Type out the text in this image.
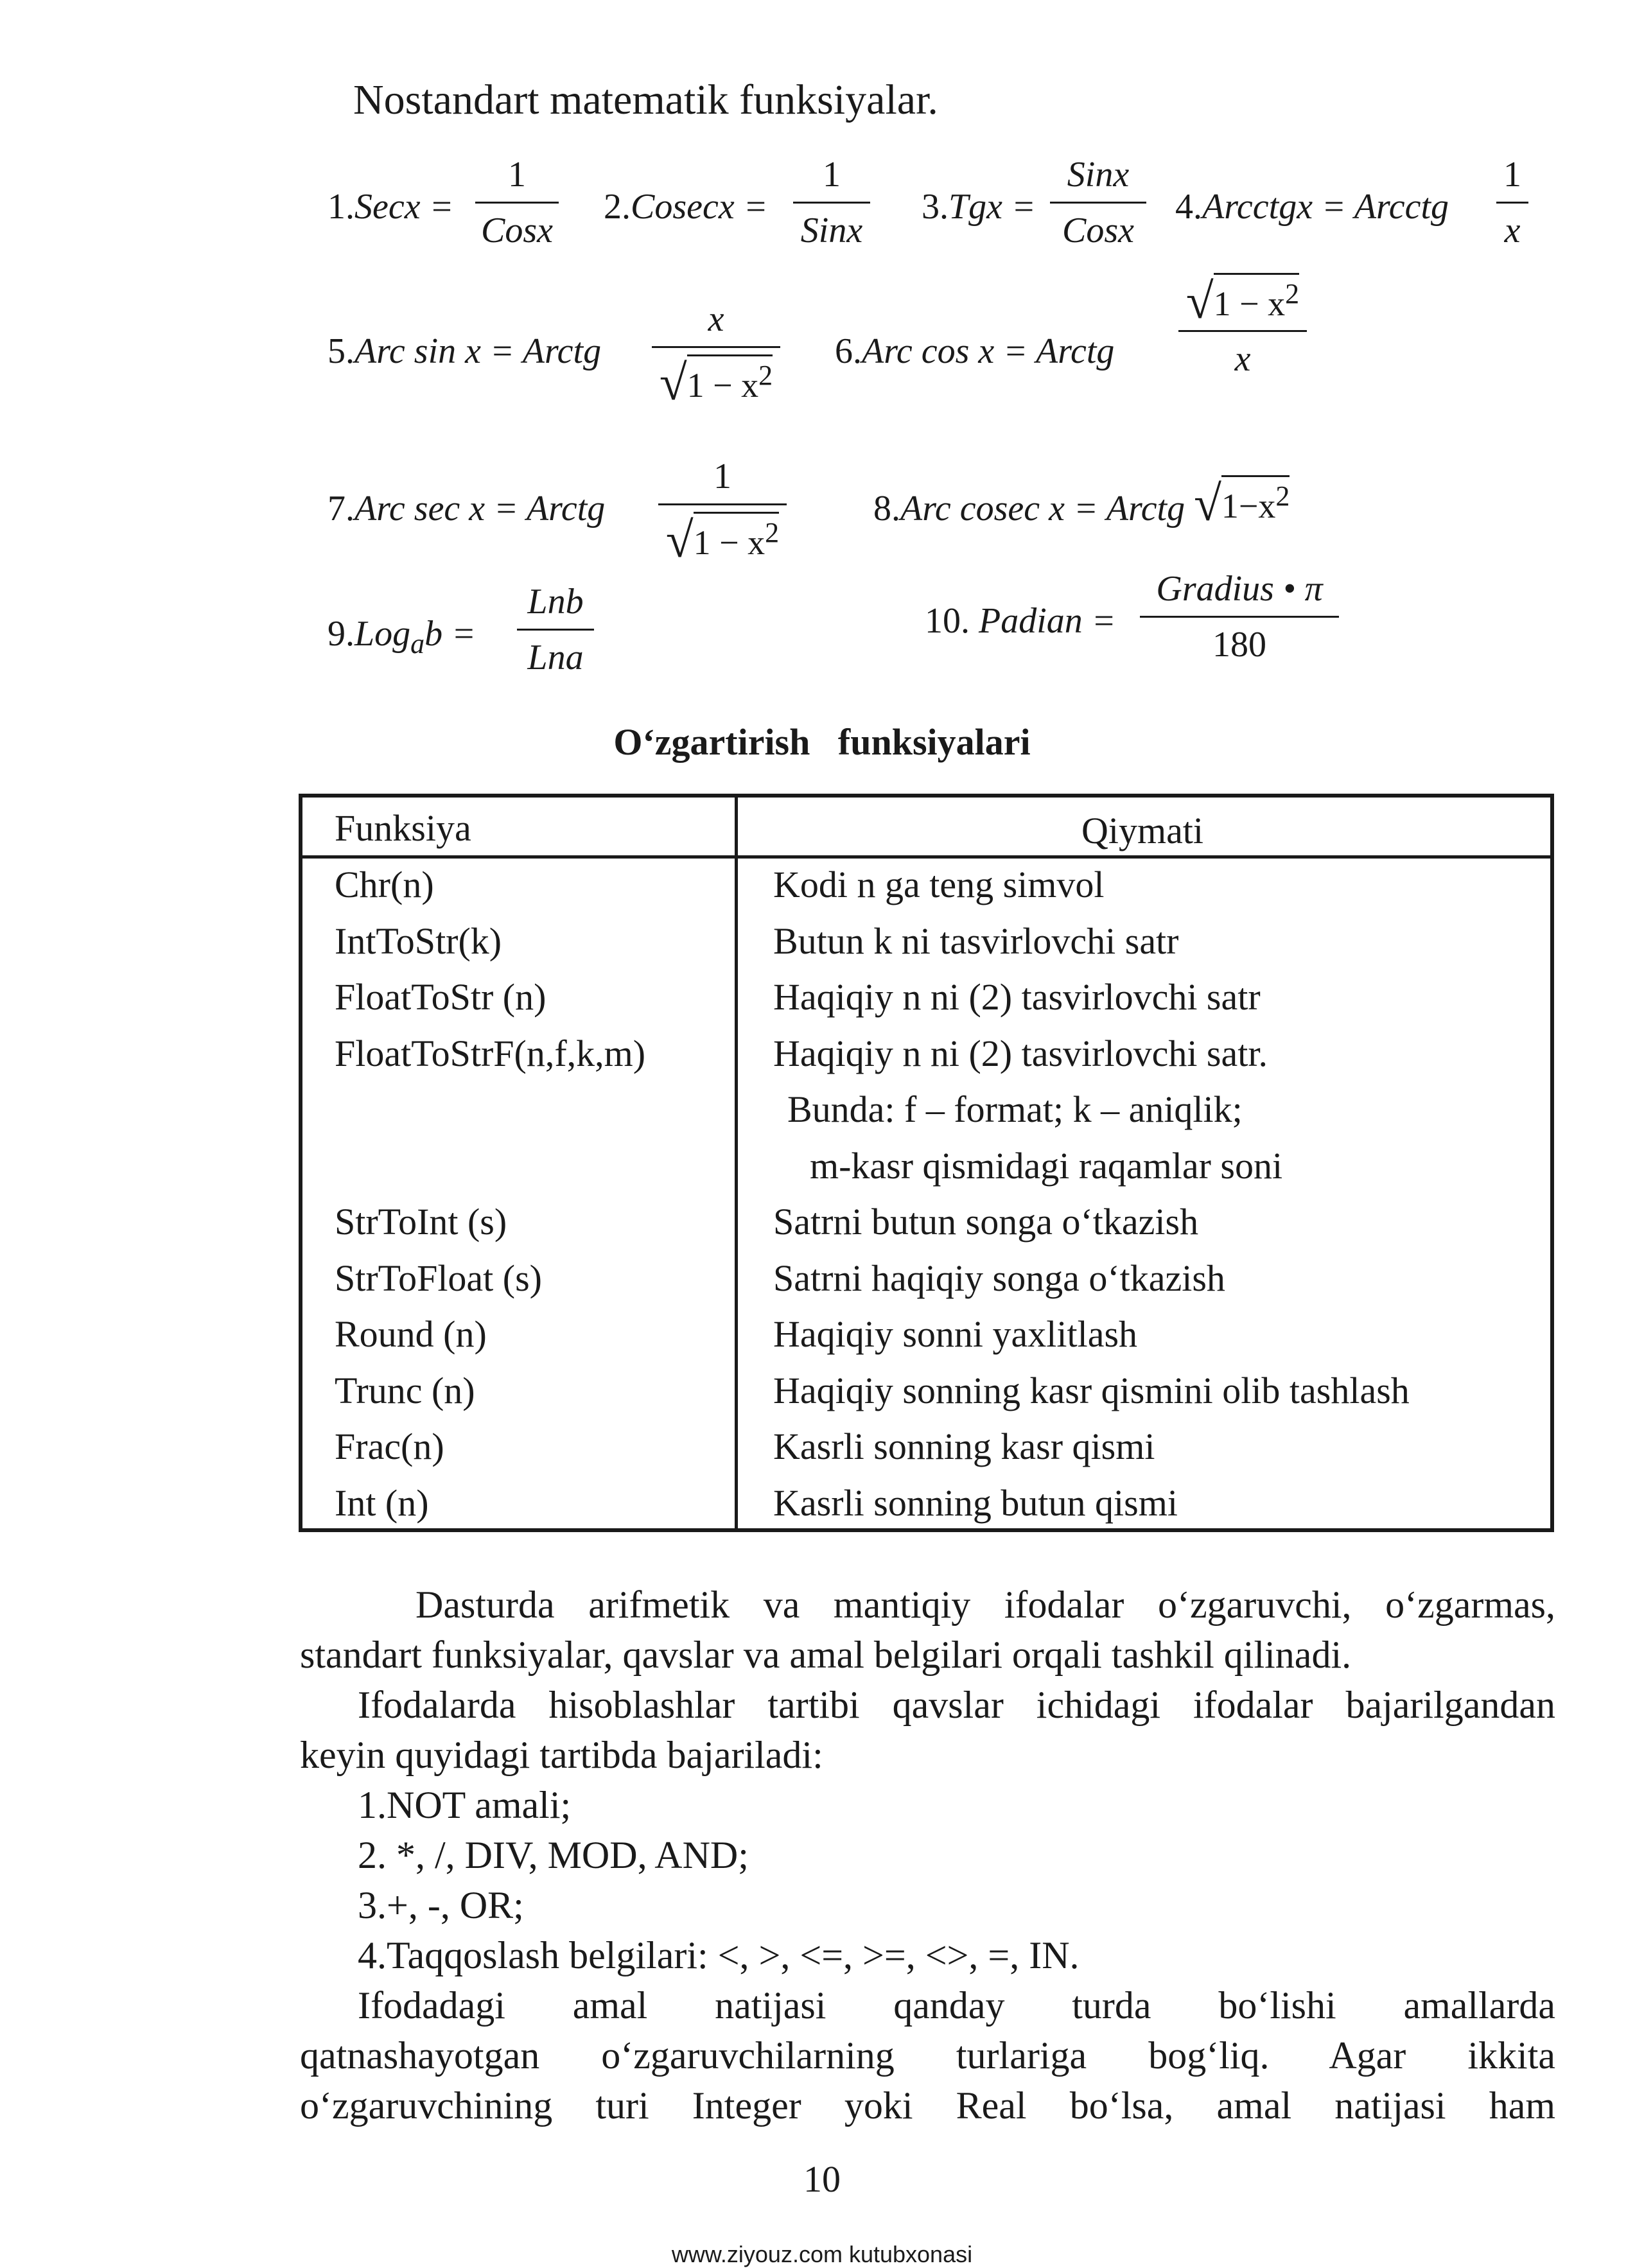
Nostandart matematik funksiyalar.
1.Secx =
1
Cosx
2.Cosecx =
1
Sinx
3.Tgx =
Sinx
Cosx
4.Arcctgx = Arcctg
1
x
5.Arc sin x = Arctg
x
√ $1 - x^2$
6.Arc cos x = Arctg
√ $1 - x^2$
x
7.Arc sec x = Arctg
1
√ $1 - x^2$
8.Arc cosec x = Arctg √ $1-x^2$
9.Log$_a$b =
Lnb
Lna
10. Padian =
Gradius • π
180
O‘zgartirish   funksiyalari
Funksiya	Qiymati
Chr(n)	Kodi n ga teng simvol
IntToStr(k)	Butun k ni tasvirlovchi satr
FloatToStr (n)	Haqiqiy n ni (2) tasvirlovchi satr
FloatToStrF(n,f,k,m)	Haqiqiy n ni (2) tasvirlovchi satr.
Bunda: f – format; k – aniqlik;
m-kasr qismidagi raqamlar soni
StrToInt (s)	Satrni butun songa o‘tkazish
StrToFloat (s)	Satrni haqiqiy songa o‘tkazish
Round (n)	Haqiqiy sonni yaxlitlash
Trunc (n)	Haqiqiy sonning kasr qismini olib tashlash
Frac(n)	Kasrli sonning kasr qismi
Int (n)	Kasrli sonning butun qismi
Dasturda arifmetik va mantiqiy ifodalar o‘zgaruvchi, o‘zgarmas,
standart funksiyalar, qavslar va amal belgilari orqali tashkil qilinadi.
Ifodalarda hisoblashlar tartibi qavslar ichidagi ifodalar bajarilgandan
keyin quyidagi tartibda bajariladi:
1.NOT amali;
2. *, /, DIV, MOD, AND;
3.+, -, OR;
4.Taqqoslash belgilari: <, >, <=, >=, <>, =, IN.
Ifodadagi amal natijasi qanday turda bo‘lishi amallarda
qatnashayotgan o‘zgaruvchilarning turlariga bog‘liq. Agar ikkita
o‘zgaruvchining turi Integer yoki Real bo‘lsa, amal natijasi ham
10
www.ziyouz.com kutubxonasi
